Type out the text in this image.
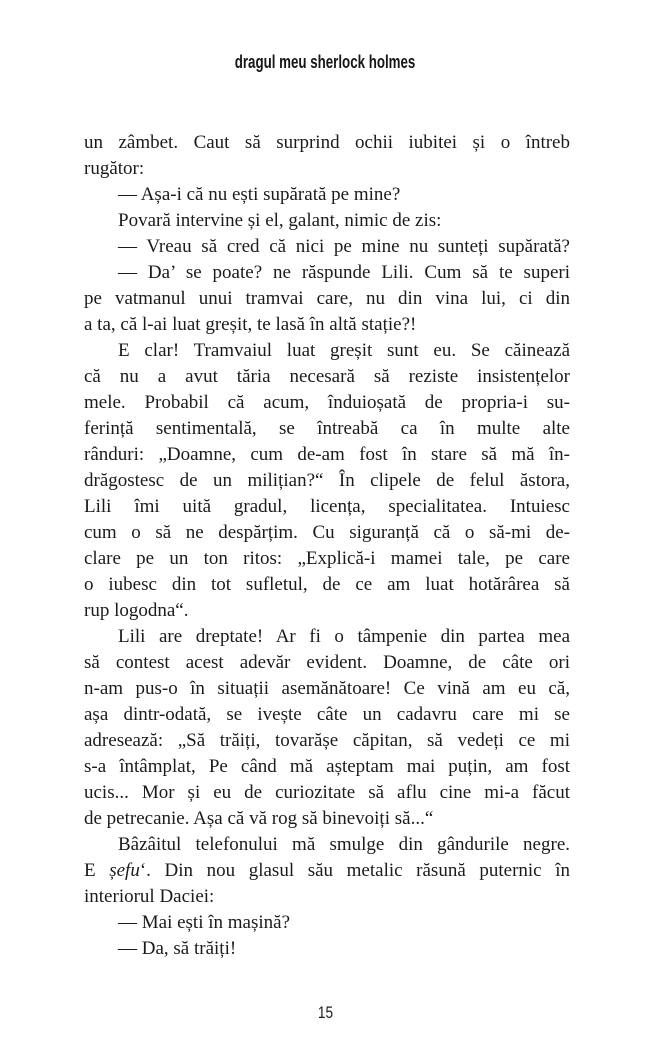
dragul meu sherlock holmes
un zâmbet. Caut să surprind ochii iubitei și o întreb
rugător:
— Așa-i că nu ești supărată pe mine?
Povară intervine și el, galant, nimic de zis:
— Vreau să cred că nici pe mine nu sunteți supărată?
— Da’ se poate? ne răspunde Lili. Cum să te superi
pe vatmanul unui tramvai care, nu din vina lui, ci din
a ta, că l-ai luat greșit, te lasă în altă stație?!
E clar! Tramvaiul luat greșit sunt eu. Se căinează
că nu a avut tăria necesară să reziste insistențelor
mele. Probabil că acum, înduioșată de propria-i su-
ferință sentimentală, se întreabă ca în multe alte
rânduri: „Doamne, cum de-am fost în stare să mă în-
drăgostesc de un milițian?“ În clipele de felul ăstora,
Lili îmi uită gradul, licența, specialitatea. Intuiesc
cum o să ne despărțim. Cu siguranță că o să-mi de-
clare pe un ton ritos: „Explică-i mamei tale, pe care
o iubesc din tot sufletul, de ce am luat hotărârea să
rup logodna“.
Lili are dreptate! Ar fi o tâmpenie din partea mea
să contest acest adevăr evident. Doamne, de câte ori
n-am pus-o în situații asemănătoare! Ce vină am eu că,
așa dintr-odată, se ivește câte un cadavru care mi se
adresează: „Să trăiți, tovarășe căpitan, să vedeți ce mi
s-a întâmplat, Pe când mă așteptam mai puțin, am fost
ucis... Mor și eu de curiozitate să aflu cine mi-a făcut
de petrecanie. Așa că vă rog să binevoiți să...“
Bâzâitul telefonului mă smulge din gândurile negre.
E șefu‘. Din nou glasul său metalic răsună puternic în
interiorul Daciei:
— Mai ești în mașină?
— Da, să trăiți!
15
